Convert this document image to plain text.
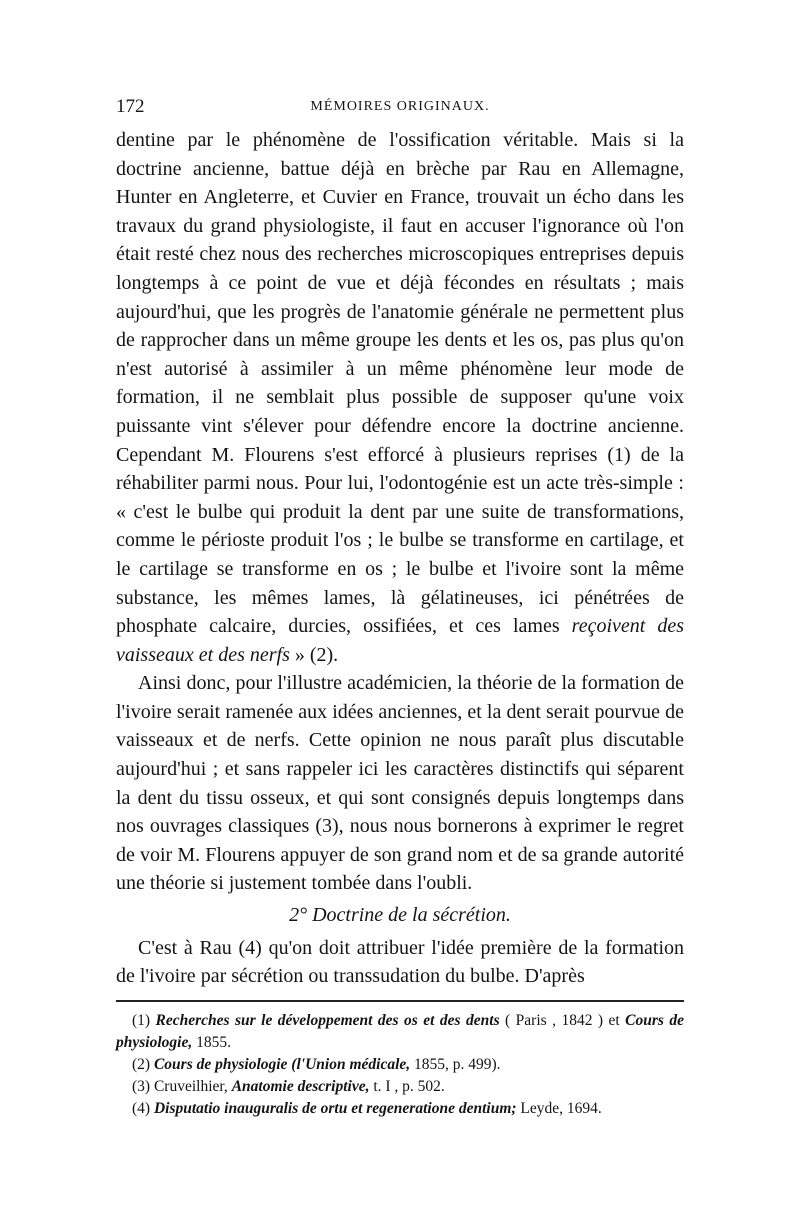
172	MÉMOIRES ORIGINAUX.

dentine par le phénomène de l'ossification véritable. Mais si la doctrine ancienne, battue déjà en brèche par Rau en Allemagne, Hunter en Angleterre, et Cuvier en France, trouvait un écho dans les travaux du grand physiologiste, il faut en accuser l'ignorance où l'on était resté chez nous des recherches microscopiques entreprises depuis longtemps à ce point de vue et déjà fécondes en résultats ; mais aujourd'hui, que les progrès de l'anatomie générale ne permettent plus de rapprocher dans un même groupe les dents et les os, pas plus qu'on n'est autorisé à assimiler à un même phénomène leur mode de formation, il ne semblait plus possible de supposer qu'une voix puissante vint s'élever pour défendre encore la doctrine ancienne. Cependant M. Flourens s'est efforcé à plusieurs reprises (1) de la réhabiliter parmi nous. Pour lui, l'odontogénie est un acte très-simple : « c'est le bulbe qui produit la dent par une suite de transformations, comme le périoste produit l'os ; le bulbe se transforme en cartilage, et le cartilage se transforme en os ; le bulbe et l'ivoire sont la même substance, les mêmes lames, là gélatineuses, ici pénétrées de phosphate calcaire, durcies, ossifiées, et ces lames reçoivent des vaisseaux et des nerfs » (2).

Ainsi donc, pour l'illustre académicien, la théorie de la formation de l'ivoire serait ramenée aux idées anciennes, et la dent serait pourvue de vaisseaux et de nerfs. Cette opinion ne nous paraît plus discutable aujourd'hui ; et sans rappeler ici les caractères distinctifs qui séparent la dent du tissu osseux, et qui sont consignés depuis longtemps dans nos ouvrages classiques (3), nous nous bornerons à exprimer le regret de voir M. Flourens appuyer de son grand nom et de sa grande autorité une théorie si justement tombée dans l'oubli.

2° Doctrine de la sécrétion.

C'est à Rau (4) qu'on doit attribuer l'idée première de la formation de l'ivoire par sécrétion ou transsudation du bulbe. D'après

(1) Recherches sur le développement des os et des dents ( Paris , 1842 ) et Cours de physiologie, 1855.

(2) Cours de physiologie (l'Union médicale, 1855, p. 499).

(3) Cruveilhier, Anatomie descriptive, t. I , p. 502.

(4) Disputatio inauguralis de ortu et regeneratione dentium; Leyde, 1694.
